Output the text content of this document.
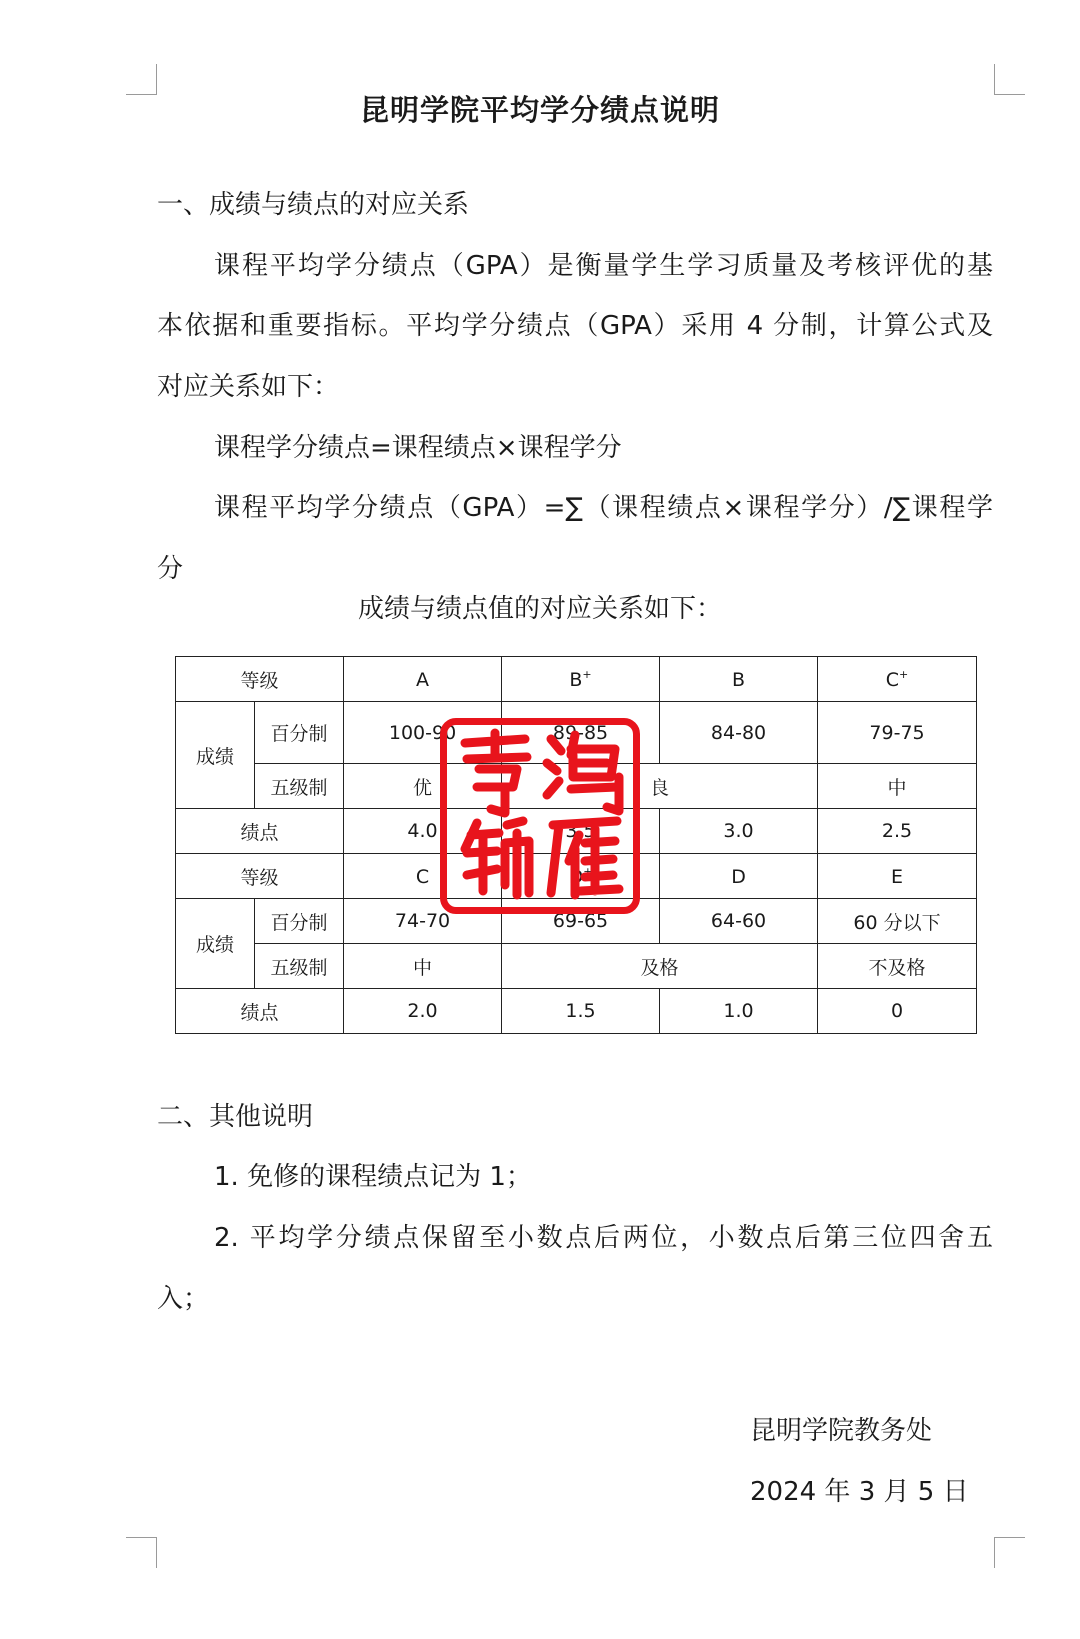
昆明学院平均学分绩点说明
一、成绩与绩点的对应关系
课程平均学分绩点（GPA）是衡量学生学习质量及考核评优的基
本依据和重要指标。平均学分绩点（GPA）采用 4 分制，计算公式及
对应关系如下：
课程学分绩点=课程绩点×课程学分
课程平均学分绩点（GPA）=∑（课程绩点×课程学分）/∑课程学
分
成绩与绩点值的对应关系如下：
等级		A	B+	B	C+
成绩	百分制	100-90	89-85	84-80	79-75
	五级制	优	良		中
绩点		4.0	3.5	3.0	2.5
等级		C	D+	D	E
成绩	百分制	74-70	69-65	64-60	60 分以下
	五级制	中	及格		不及格
绩点		2.0	1.5	1.0	0
二、其他说明
1. 免修的课程绩点记为 1；
2. 平均学分绩点保留至小数点后两位，小数点后第三位四舍五
入；
昆明学院教务处
2024 年 3 月 5 日
